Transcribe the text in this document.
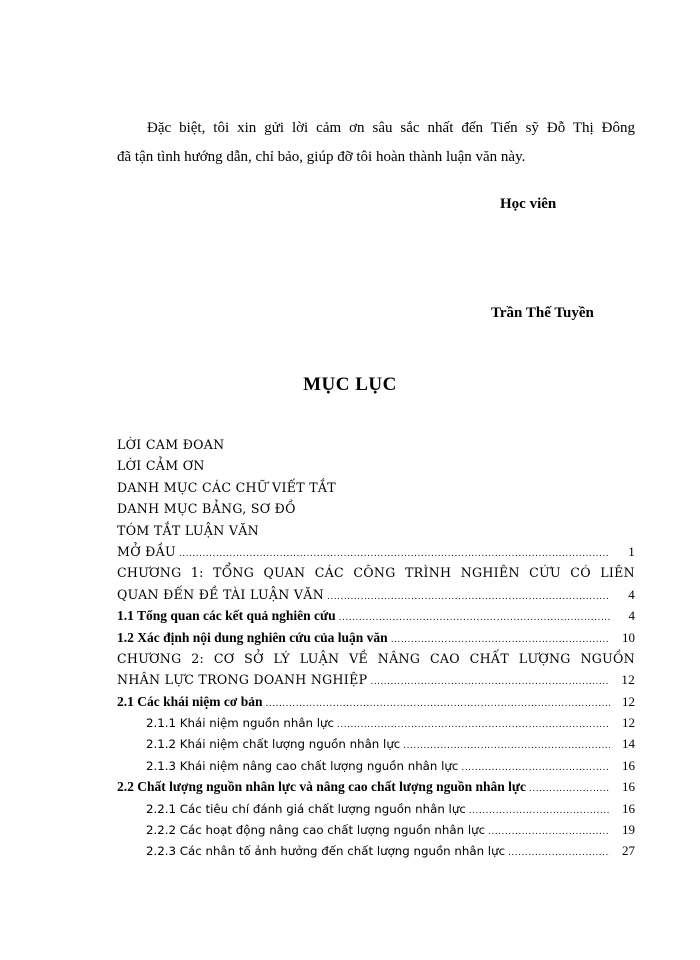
Đặc biệt, tôi xin gửi lời cảm ơn sâu sắc nhất đến Tiến sỹ Đỗ Thị Đông
đã tận tình hướng dẫn, chỉ bảo, giúp đỡ tôi hoàn thành luận văn này.
Học viên
Trần Thế Tuyền
MỤC LỤC
LỜI CAM ĐOAN
LỜI CẢM ƠN
DANH MỤC CÁC CHỮ VIẾT TẮT
DANH MỤC BẢNG, SƠ ĐỒ
TÓM TẮT LUẬN VĂN
MỞ ĐẦU .....	1
CHƯƠNG 1: TỔNG QUAN CÁC CÔNG TRÌNH NGHIÊN CỨU CÓ LIÊN
QUAN ĐẾN ĐỀ TÀI LUẬN VĂN .....	4
1.1 Tổng quan các kết quả nghiên cứu .....	4
1.2 Xác định nội dung nghiên cứu của luận văn .....	10
CHƯƠNG 2: CƠ SỞ LÝ LUẬN VỀ NÂNG CAO CHẤT LƯỢNG NGUỒN
NHÂN LỰC TRONG DOANH NGHIỆP .....	12
2.1 Các khái niệm cơ bản .....	12
2.1.1 Khái niệm nguồn nhân lực .....	12
2.1.2 Khái niệm chất lượng nguồn nhân lực .....	14
2.1.3 Khái niệm nâng cao chất lượng nguồn nhân lực .....	16
2.2 Chất lượng nguồn nhân lực và nâng cao chất lượng nguồn nhân lực .....	16
2.2.1 Các tiêu chí đánh giá chất lượng nguồn nhân lực .....	16
2.2.2 Các hoạt động nâng cao chất lượng nguồn nhân lực .....	19
2.2.3 Các nhân tố ảnh hưởng đến chất lượng nguồn nhân lực .....	27
